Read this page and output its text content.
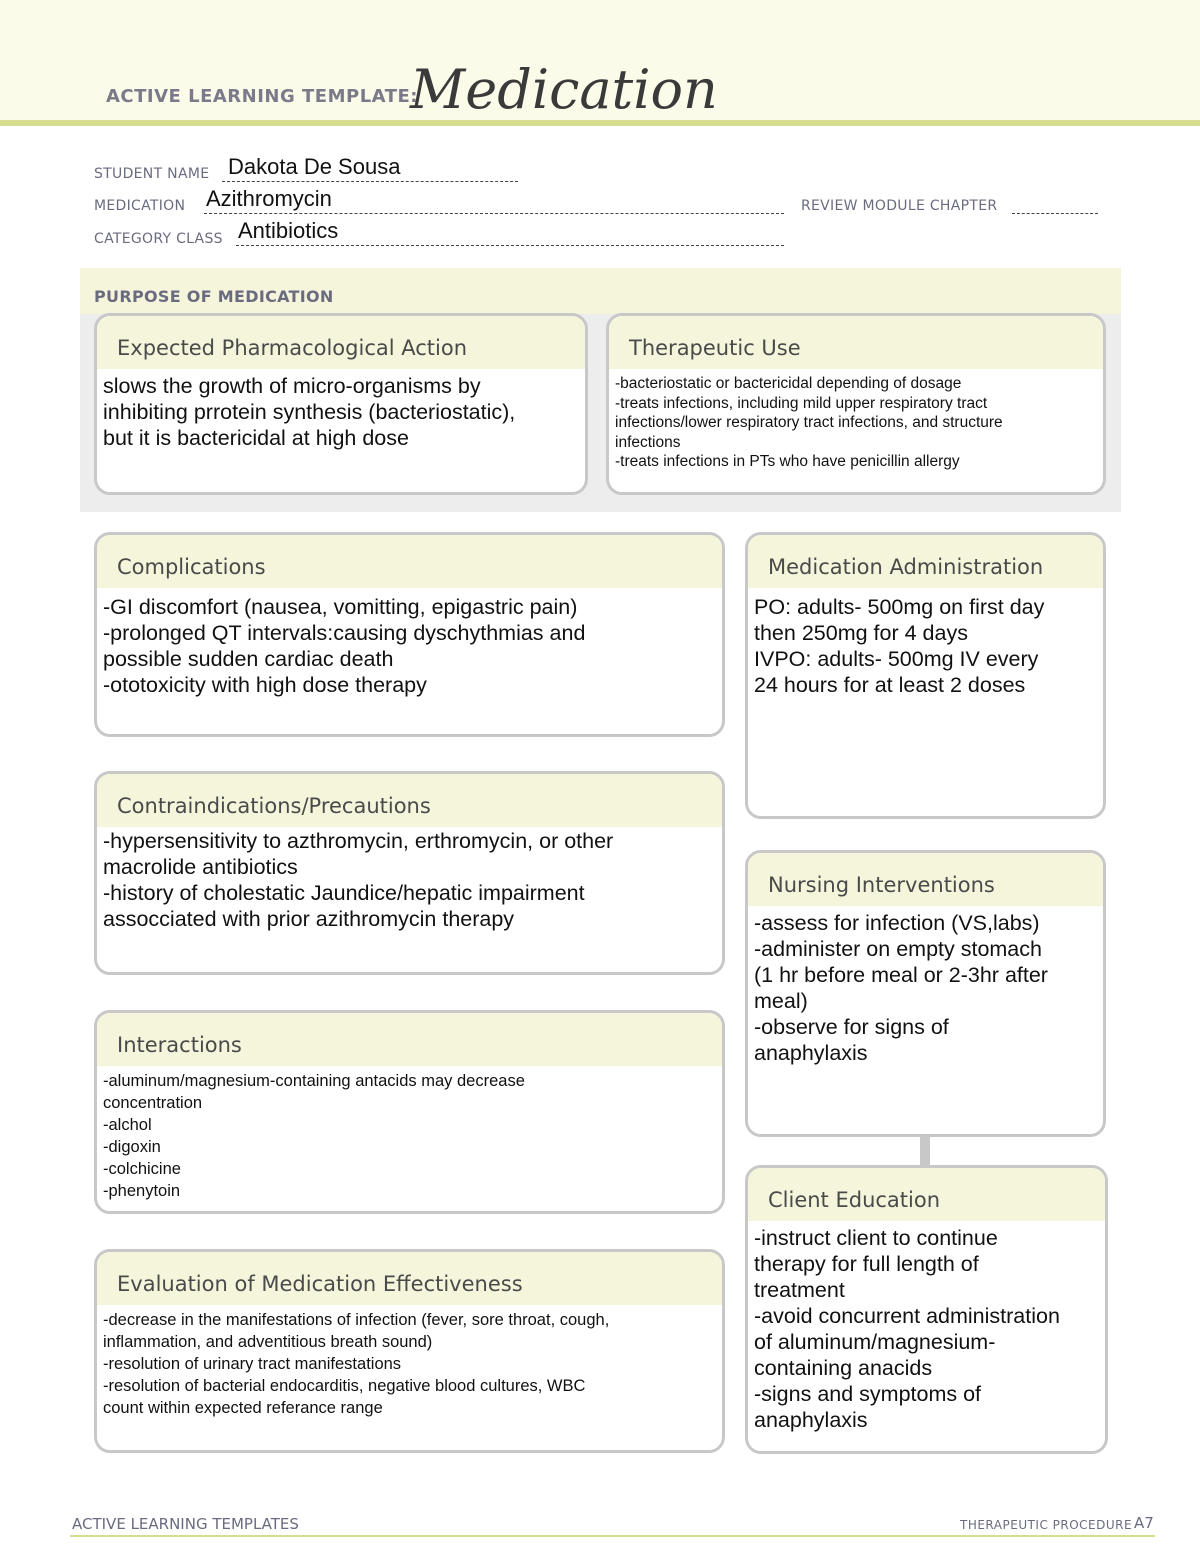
ACTIVE LEARNING TEMPLATE:
Medication
STUDENT NAME Dakota De Sousa
MEDICATION Azithromycin	REVIEW MODULE CHAPTER
CATEGORY CLASS Antibiotics
PURPOSE OF MEDICATION
Expected Pharmacological Action
slows the growth of micro-organisms by
inhibiting prrotein synthesis (bacteriostatic),
but it is bactericidal at high dose
Therapeutic Use
-bacteriostatic or bactericidal depending of dosage
-treats infections, including mild upper respiratory tract
infections/lower respiratory tract infections, and structure
infections
-treats infections in PTs who have penicillin allergy
Complications
-GI discomfort (nausea, vomitting, epigastric pain)
-prolonged QT intervals:causing dyschythmias and
possible sudden cardiac death
-ototoxicity with high dose therapy
Contraindications/Precautions
-hypersensitivity to azthromycin, erthromycin, or other
macrolide antibiotics
-history of cholestatic Jaundice/hepatic impairment
assocciated with prior azithromycin therapy
Interactions
-aluminum/magnesium-containing antacids may decrease
concentration
-alchol
-digoxin
-colchicine
-phenytoin
Evaluation of Medication Effectiveness
-decrease in the manifestations of infection (fever, sore throat, cough,
inflammation, and adventitious breath sound)
-resolution of urinary tract manifestations
-resolution of bacterial endocarditis, negative blood cultures, WBC
count within expected referance range
Medication Administration
PO: adults- 500mg on first day
then 250mg for 4 days
IVPO: adults- 500mg IV every
24 hours for at least 2 doses
Nursing Interventions
-assess for infection (VS,labs)
-administer on empty stomach
(1 hr before meal or 2-3hr after
meal)
-observe for signs of
anaphylaxis
Client Education
-instruct client to continue
therapy for full length of
treatment
-avoid concurrent administration
of aluminum/magnesium-
containing anacids
-signs and symptoms of
anaphylaxis
ACTIVE LEARNING TEMPLATES	THERAPEUTIC PROCEDURE A7
